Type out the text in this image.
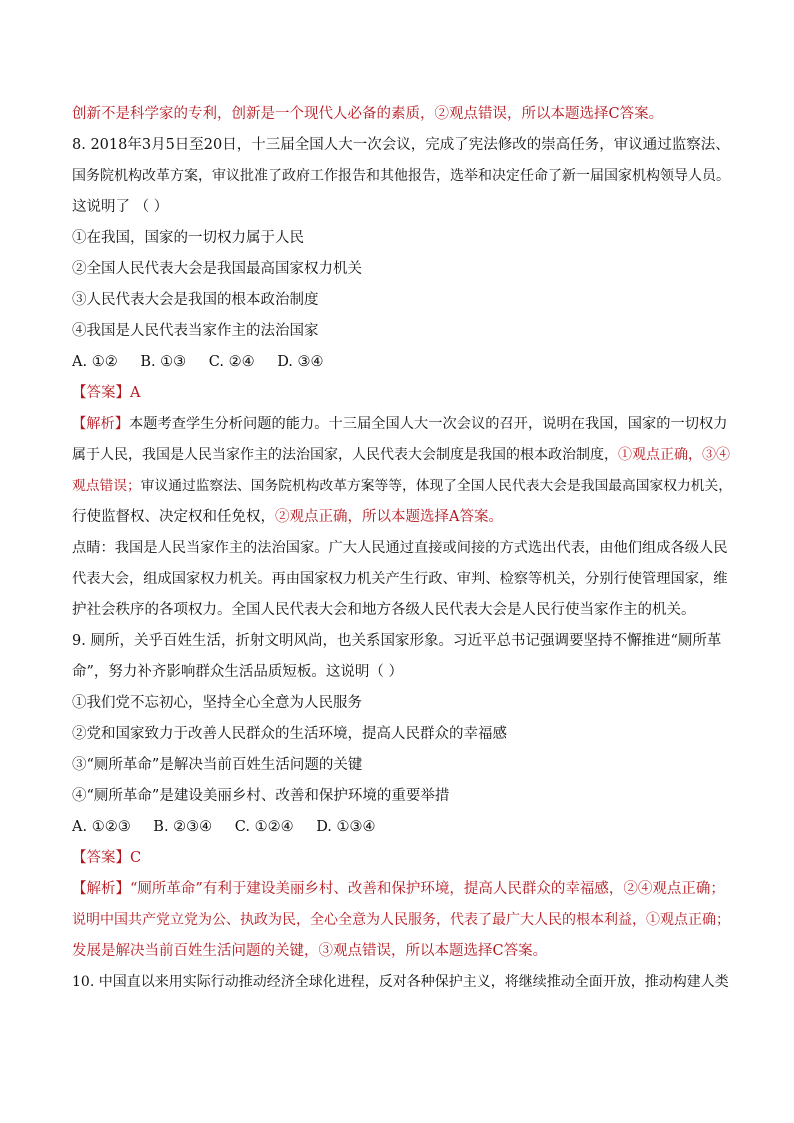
创新不是科学家的专利，创新是一个现代人必备的素质，②观点错误，所以本题选择C答案。
8. 2018年3月5日至20日，十三届全国人大一次会议，完成了宪法修改的崇高任务，审议通过监察法、
国务院机构改革方案，审议批准了政府工作报告和其他报告，选举和决定任命了新一届国家机构领导人员。
这说明了 （ ）
①在我国，国家的一切权力属于人民
②全国人民代表大会是我国最高国家权力机关
③人民代表大会是我国的根本政治制度
④我国是人民代表当家作主的法治国家
A. ①② B. ①③ C. ②④ D. ③④
【答案】A
【解析】本题考查学生分析问题的能力。十三届全国人大一次会议的召开，说明在我国，国家的一切权力
属于人民，我国是人民当家作主的法治国家，人民代表大会制度是我国的根本政治制度，①观点正确，③④
观点错误；审议通过监察法、国务院机构改革方案等等，体现了全国人民代表大会是我国最高国家权力机关，
行使监督权、决定权和任免权，②观点正确，所以本题选择A答案。
点睛：我国是人民当家作主的法治国家。广大人民通过直接或间接的方式选出代表，由他们组成各级人民
代表大会，组成国家权力机关。再由国家权力机关产生行政、审判、检察等机关，分别行使管理国家，维
护社会秩序的各项权力。全国人民代表大会和地方各级人民代表大会是人民行使当家作主的机关。
9. 厕所，关乎百姓生活，折射文明风尚，也关系国家形象。习近平总书记强调要坚持不懈推进“厕所革
命”，努力补齐影响群众生活品质短板。这说明（ ）
①我们党不忘初心，坚持全心全意为人民服务
②党和国家致力于改善人民群众的生活环境，提高人民群众的幸福感
③“厕所革命”是解决当前百姓生活问题的关键
④“厕所革命”是建设美丽乡村、改善和保护环境的重要举措
A. ①②③ B. ②③④ C. ①②④ D. ①③④
【答案】C
【解析】“厕所革命”有利于建设美丽乡村、改善和保护环境，提高人民群众的幸福感，②④观点正确；
说明中国共产党立党为公、执政为民，全心全意为人民服务，代表了最广大人民的根本利益，①观点正确；
发展是解决当前百姓生活问题的关键，③观点错误，所以本题选择C答案。
10. 中国直以来用实际行动推动经济全球化进程，反对各种保护主义，将继续推动全面开放，推动构建人类
